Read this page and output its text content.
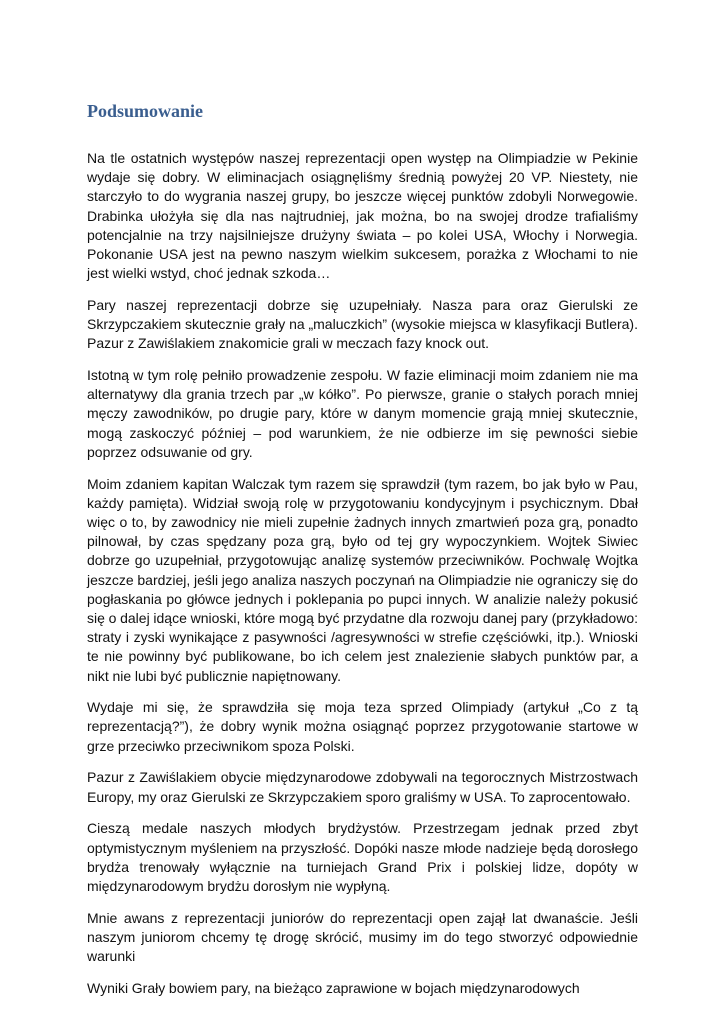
Podsumowanie

Na tle ostatnich występów naszej reprezentacji open występ na Olimpiadzie w Pekinie wydaje się dobry. W eliminacjach osiągnęliśmy średnią powyżej 20 VP. Niestety, nie starczyło to do wygrania naszej grupy, bo jeszcze więcej punktów zdobyli Norwegowie. Drabinka ułożyła się dla nas najtrudniej, jak można, bo na swojej drodze trafialiśmy potencjalnie na trzy najsilniejsze drużyny świata – po kolei USA, Włochy i Norwegia. Pokonanie USA jest na pewno naszym wielkim sukcesem, porażka z Włochami to nie jest wielki wstyd, choć jednak szkoda…

Pary naszej reprezentacji dobrze się uzupełniały. Nasza para oraz Gierulski ze Skrzypczakiem skutecznie grały na „maluczkich” (wysokie miejsca w klasyfikacji Butlera). Pazur z Zawiślakiem znakomicie grali w meczach fazy knock out.

Istotną w tym rolę pełniło prowadzenie zespołu. W fazie eliminacji moim zdaniem nie ma alternatywy dla grania trzech par „w kółko”. Po pierwsze, granie o stałych porach mniej męczy zawodników, po drugie pary, które w danym momencie grają mniej skutecznie, mogą zaskoczyć później – pod warunkiem, że nie odbierze im się pewności siebie poprzez odsuwanie od gry.

Moim zdaniem kapitan Walczak tym razem się sprawdził (tym razem, bo jak było w Pau, każdy pamięta). Widział swoją rolę w przygotowaniu kondycyjnym i psychicznym. Dbał więc o to, by zawodnicy nie mieli zupełnie żadnych innych zmartwień poza grą, ponadto pilnował, by czas spędzany poza grą, było od tej gry wypoczynkiem. Wojtek Siwiec dobrze go uzupełniał, przygotowując analizę systemów przeciwników. Pochwalę Wojtka jeszcze bardziej, jeśli jego analiza naszych poczynań na Olimpiadzie nie ograniczy się do pogłaskania po główce jednych i poklepania po pupci innych. W analizie należy pokusić się o dalej idące wnioski, które mogą być przydatne dla rozwoju danej pary (przykładowo: straty i zyski wynikające z pasywności /agresywności w strefie częściówki, itp.). Wnioski te nie powinny być publikowane, bo ich celem jest znalezienie słabych punktów par, a nikt nie lubi być publicznie napiętnowany.

Wydaje mi się, że sprawdziła się moja teza sprzed Olimpiady (artykuł „Co z tą reprezentacją?”), że dobry wynik można osiągnąć poprzez przygotowanie startowe w grze przeciwko przeciwnikom spoza Polski.

Pazur z Zawiślakiem obycie międzynarodowe zdobywali na tegorocznych Mistrzostwach Europy, my oraz Gierulski ze Skrzypczakiem sporo graliśmy w USA. To zaprocentowało.

Cieszą medale naszych młodych brydżystów. Przestrzegam jednak przed zbyt optymistycznym myśleniem na przyszłość. Dopóki nasze młode nadzieje będą dorosłego brydża trenowały wyłącznie na turniejach Grand Prix i polskiej lidze, dopóty w międzynarodowym brydżu dorosłym nie wypłyną.

Mnie awans z reprezentacji juniorów do reprezentacji open zajął lat dwanaście. Jeśli naszym juniorom chcemy tę drogę skrócić, musimy im do tego stworzyć odpowiednie warunki

Wyniki Grały bowiem pary, na bieżąco zaprawione w bojach międzynarodowych
